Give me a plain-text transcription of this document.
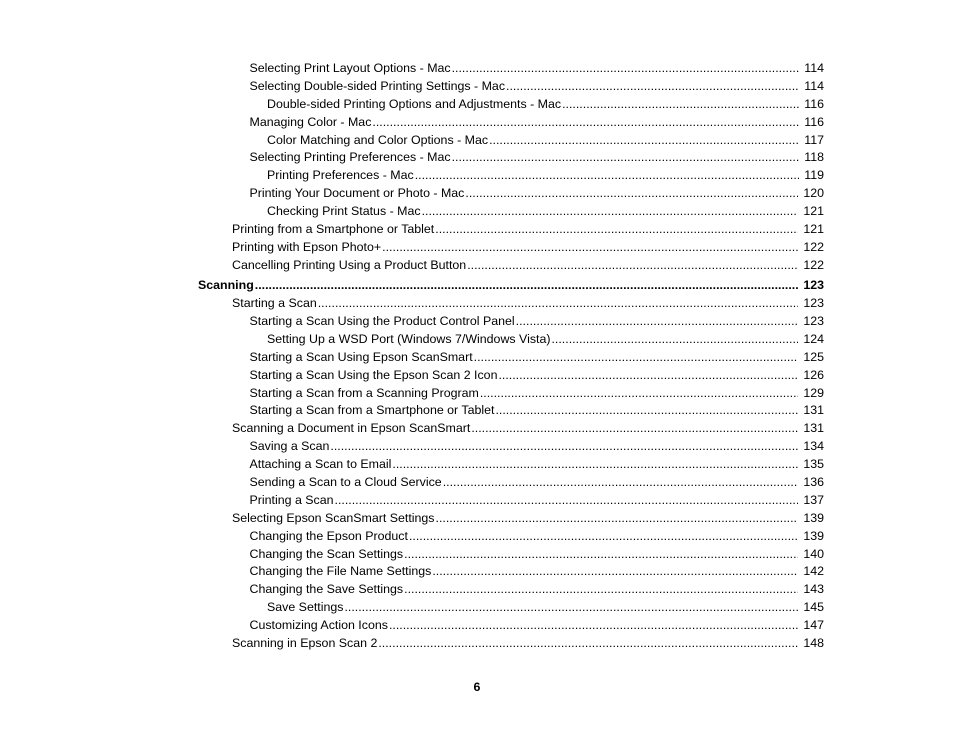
Selecting Print Layout Options - Mac .....	114
Selecting Double-sided Printing Settings - Mac .....	114
Double-sided Printing Options and Adjustments - Mac .....	116
Managing Color - Mac .....	116
Color Matching and Color Options - Mac .....	117
Selecting Printing Preferences - Mac .....	118
Printing Preferences - Mac .....	119
Printing Your Document or Photo - Mac .....	120
Checking Print Status - Mac .....	121
Printing from a Smartphone or Tablet .....	121
Printing with Epson Photo+ .....	122
Cancelling Printing Using a Product Button .....	122
Scanning .....	123
Starting a Scan .....	123
Starting a Scan Using the Product Control Panel .....	123
Setting Up a WSD Port (Windows 7/Windows Vista) .....	124
Starting a Scan Using Epson ScanSmart .....	125
Starting a Scan Using the Epson Scan 2 Icon .....	126
Starting a Scan from a Scanning Program .....	129
Starting a Scan from a Smartphone or Tablet .....	131
Scanning a Document in Epson ScanSmart .....	131
Saving a Scan .....	134
Attaching a Scan to Email .....	135
Sending a Scan to a Cloud Service .....	136
Printing a Scan .....	137
Selecting Epson ScanSmart Settings .....	139
Changing the Epson Product .....	139
Changing the Scan Settings .....	140
Changing the File Name Settings .....	142
Changing the Save Settings .....	143
Save Settings .....	145
Customizing Action Icons .....	147
Scanning in Epson Scan 2 .....	148
6
